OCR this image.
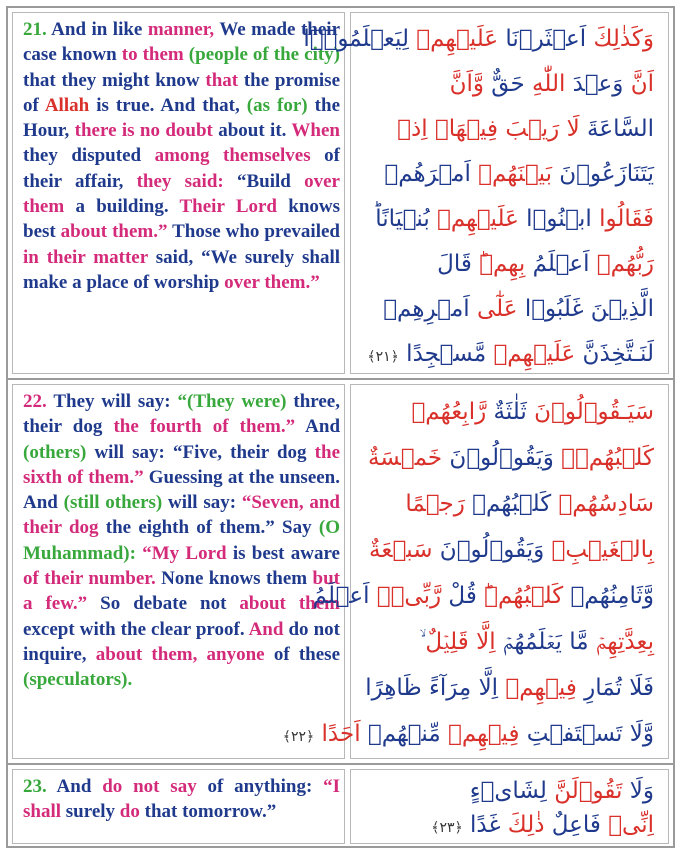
21. And in like manner, We made their case known to them (people of the city) that they might know that the promise of Allah is true. And that, (as for) the Hour, there is no doubt about it. When they disputed among themselves of their affair, they said: “Build over them a building. Their Lord knows best about them.” Those who prevailed in their matter said, “We surely shall make a place of worship over them.”
وَكَذٰلِكَ اَعۡثَرۡنَا عَلَيۡهِمۡ لِيَعۡلَمُوۡۤا
اَنَّ وَعۡدَ اللّٰهِ حَقٌّ وَّاَنَّ
السَّاعَةَ لَا رَيۡبَ فِيۡهَاۚ اِذۡ
يَتَنَازَعُوۡنَ بَيۡنَهُمۡ اَمۡرَهُمۡ
فَقَالُوا ابۡنُوۡا عَلَيۡهِمۡ بُنۡيَانًا
رَبُّهُمۡ اَعۡلَمُ بِهِمۡؕ قَالَ
الَّذِيۡنَ غَلَبُوۡا عَلٰٓى اَمۡرِهِمۡ
لَنَـتَّخِذَنَّ عَلَيۡهِمۡ مَّسۡجِدًا ﴿٢١﴾
22. They will say: “(They were) three, their dog the fourth of them.” And (others) will say: “Five, their dog the sixth of them.” Guessing at the unseen. And (still others) will say: “Seven, and their dog the eighth of them.” Say (O Muhammad): “My Lord is best aware of their number. None knows them but a few.” So debate not about them except with the clear proof. And do not inquire, about them, anyone of these (speculators).
سَيَـقُوۡلُوۡنَ ثَلٰثَةٌ رَّابِعُهُمۡ
كَلۡبُهُمۡۚ وَيَقُوۡلُوۡنَ خَمۡسَةٌ
سَادِسُهُمۡ كَلۡبُهُمۡ رَجۡمًا
بِالۡغَيۡبِۚ وَيَقُوۡلُوۡنَ سَبۡعَةٌ
وَّثَامِنُهُمۡ كَلۡبُهُمۡؕ قُلْ رَّبِّىۡۤ اَعۡلَمُ
بِعِدَّتِهِمۡ مَّا يَعۡلَمُهُمۡ اِلَّا قَلِيۡلٌ ۙ
فَلَا تُمَارِ فِيۡهِمۡ اِلَّا مِرَآءً ظَاهِرًا
وَّلَا تَسۡتَفۡتِ فِيۡهِمۡ مِّنۡهُمۡ اَحَدًا ﴿٢٢﴾
23. And do not say of anything: “I shall surely do that tomorrow.”
وَلَا تَقُوۡلَنَّ لِشَاىۡءٍ
اِنِّىۡ فَاعِلٌ ذٰلِكَ غَدًا ﴿٢٣﴾
